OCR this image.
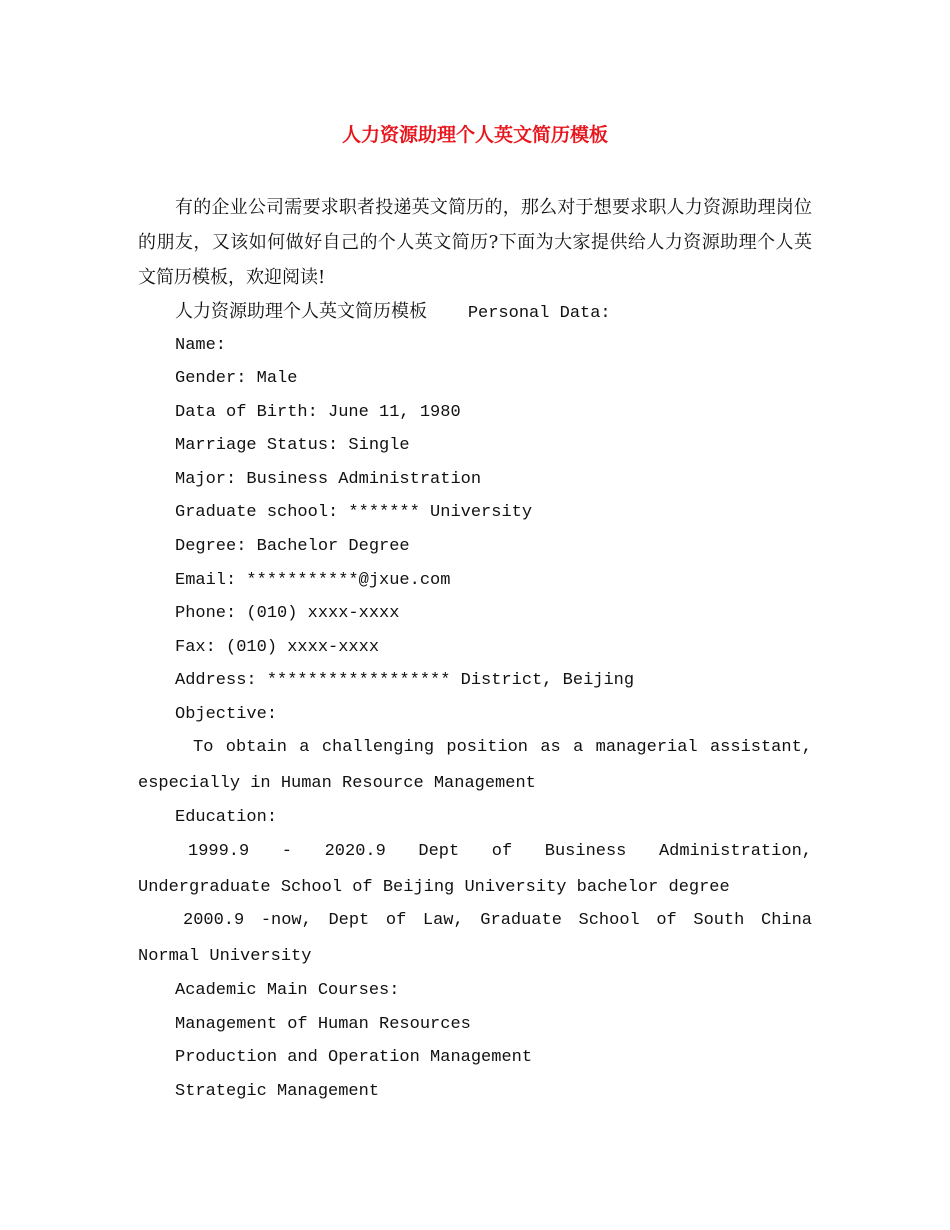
人力资源助理个人英文简历模板
有的企业公司需要求职者投递英文简历的，那么对于想要求职人力资源助理岗位的朋友，又该如何做好自己的个人英文简历?下面为大家提供给人力资源助理个人英文简历模板，欢迎阅读!
人力资源助理个人英文简历模板 Personal Data:
Name:
Gender: Male
Data of Birth: June 11, 1980
Marriage Status: Single
Major: Business Administration
Graduate school: ******* University
Degree: Bachelor Degree
Email: ***********@jxue.com
Phone: (010) xxxx-xxxx
Fax: (010) xxxx-xxxx
Address: ****************** District, Beijing
Objective:
To obtain a challenging position as a managerial assistant, especially in Human Resource Management
Education:
1999.9 - 2020.9 Dept of Business Administration, Undergraduate School of Beijing University bachelor degree
2000.9 -now, Dept of Law, Graduate School of South China Normal University
Academic Main Courses:
Management of Human Resources
Production and Operation Management
Strategic Management
